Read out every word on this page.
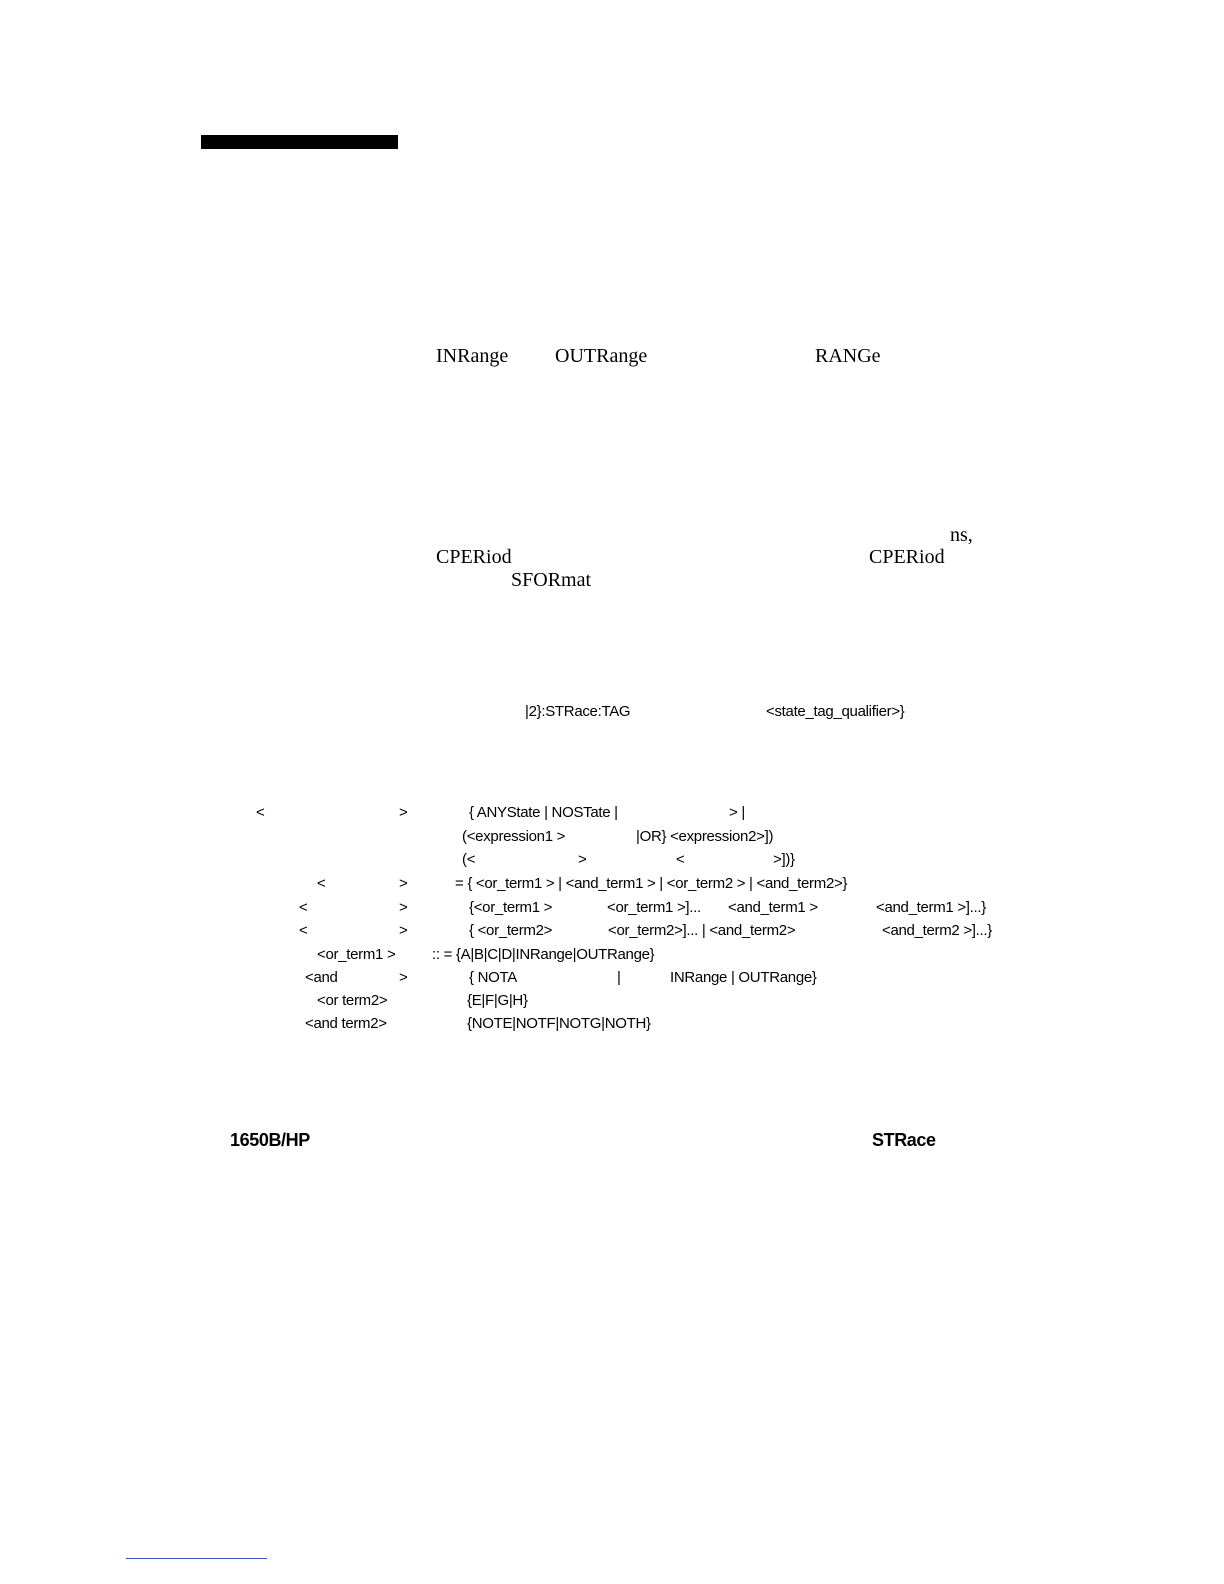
INRange OUTRange	RANGe
ns,
CPERiod	CPERiod
SFORmat
|2}:STRace:TAG	<state_tag_qualifier>}
<	>	{ ANYState | NOSTate |	> |
(<expression1 >	|OR} <expression2>])
(<	>	<	>])}
<	>	= { <or_term1 > | <and_term1 > | <or_term2 > | <and_term2>}
<	>	{<or_term1 >	<or_term1 >]... <and_term1 >	<and_term1 >]...}
<	>	{ <or_term2>	<or_term2>]... | <and_term2>	<and_term2 >]...}
<or_term1 > :: = {A|B|C|D|INRange|OUTRange}
<and	>	{ NOTA	|	INRange | OUTRange}
<or term2>	{E|F|G|H}
<and term2>	{NOTE|NOTF|NOTG|NOTH}
1650B/HP	STRace
